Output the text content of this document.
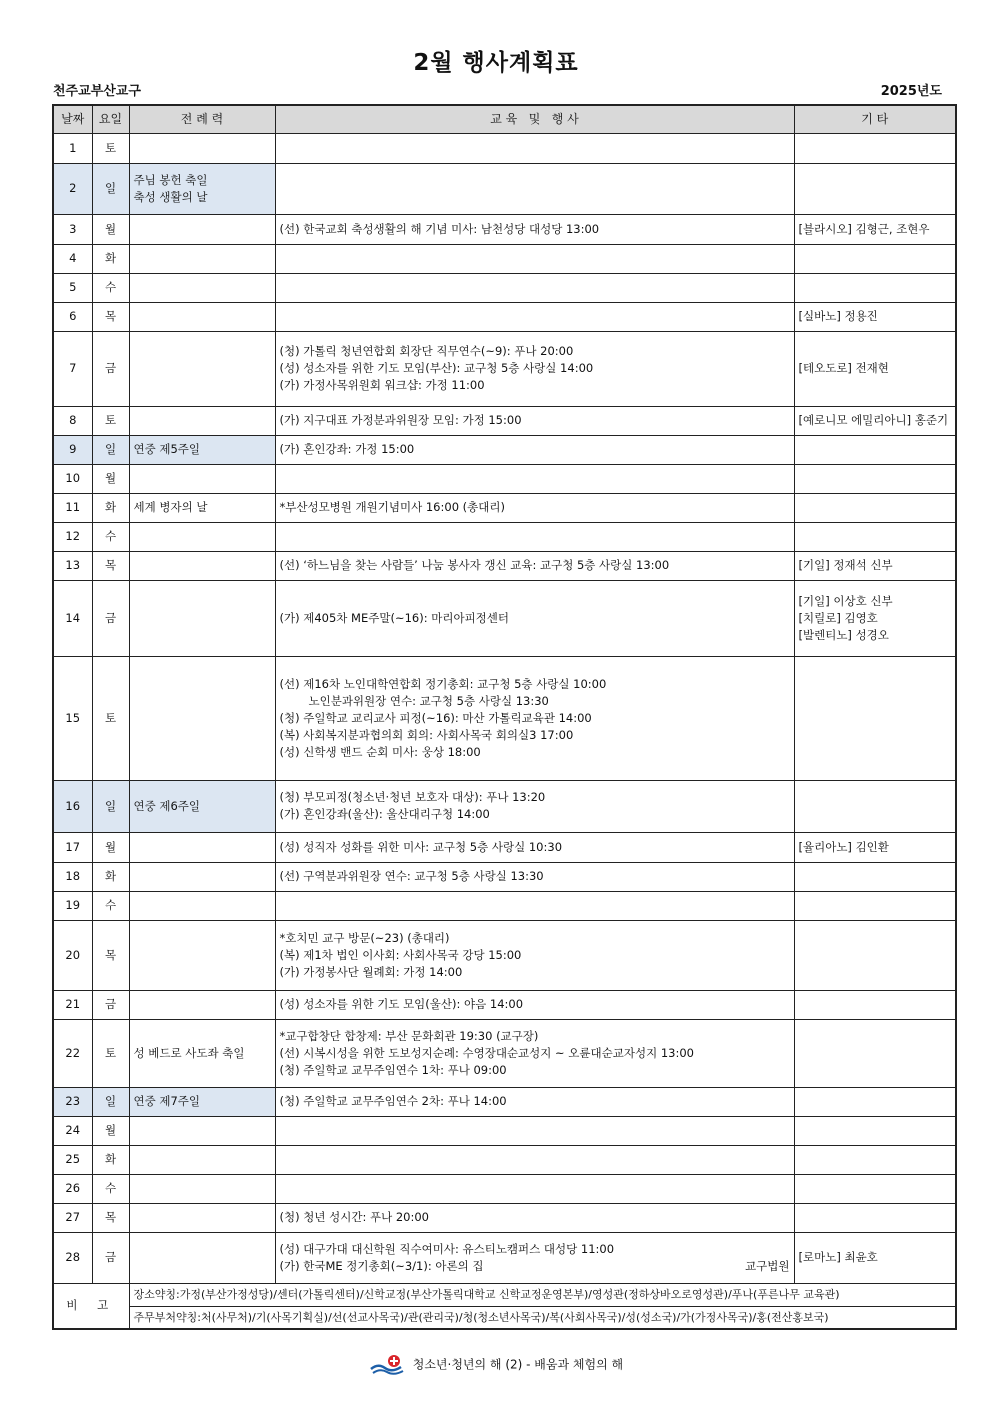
2월 행사계획표
천주교부산교구	2025년도
날짜	요일	전 례 력	교 육   및   행 사	기 타
1	토			
2	일	주님 봉헌 축일
축성 생활의 날		
3	월		(선) 한국교회 축성생활의 해 기념 미사: 남천성당 대성당 13:00	[블라시오] 김형근, 조현우

4	화			
5	수			
6	목			[실바노] 정용진

7	금		(청) 가톨릭 청년연합회 회장단 직무연수(~9): 푸나 20:00
(성) 성소자를 위한 기도 모임(부산): 교구청 5층 사랑실 14:00
(가) 가정사목위원회 워크샵: 가정 11:00	[테오도로] 전재현

8	토		(가) 지구대표 가정분과위원장 모임: 가정 15:00	[예로니모 에밀리아니] 홍준기

9	일	연중 제5주일	(가) 혼인강좌: 가정 15:00	

10	월			
11	화	세계 병자의 날	*부산성모병원 개원기념미사 16:00 (총대리)	

12	수			
13	목		(선) ‘하느님을 찾는 사람들’ 나눔 봉사자 갱신 교육: 교구청 5층 사랑실 13:00	[기일] 정재석 신부

14	금		(가) 제405차 ME주말(~16): 마리아피정센터	[기일] 이상호 신부
[치릴로] 김영호
[발렌티노] 성경오

15	토		(선) 제16차 노인대학연합회 정기총회: 교구청 5층 사랑실 10:00
노인분과위원장 연수: 교구청 5층 사랑실 13:30
(청) 주일학교 교리교사 피정(~16): 마산 가톨릭교육관 14:00
(복) 사회복지분과협의회 회의: 사회사목국 회의실3 17:00
(성) 신학생 밴드 순회 미사: 웅상 18:00	

16	일	연중 제6주일	(청) 부모피정(청소년·청년 보호자 대상): 푸나 13:20
(가) 혼인강좌(울산): 울산대리구청 14:00	

17	월		(성) 성직자 성화를 위한 미사: 교구청 5층 사랑실 10:30	[율리아노] 김인환

18	화		(선) 구역분과위원장 연수: 교구청 5층 사랑실 13:30	

19	수			
20	목		*호치민 교구 방문(~23) (총대리)
(복) 제1차 법인 이사회: 사회사목국 강당 15:00
(가) 가정봉사단 월례회: 가정 14:00	

21	금		(성) 성소자를 위한 기도 모임(울산): 야음 14:00	

22	토	성 베드로 사도좌 축일	*교구합창단 합창제: 부산 문화회관 19:30 (교구장)
(선) 시복시성을 위한 도보성지순례: 수영장대순교성지 ~ 오륜대순교자성지 13:00
(청) 주일학교 교무주임연수 1차: 푸나 09:00	

23	일	연중 제7주일	(청) 주일학교 교무주임연수 2차: 푸나 14:00	

24	월			
25	화			
26	수			
27	목		(청) 청년 성시간: 푸나 20:00	

28	금		(성) 대구가대 대신학원 직수여미사: 유스티노캠퍼스 대성당 11:00
(가) 한국ME 정기총회(~3/1): 아론의 집 교구법원	[로마노] 최윤호

비 고		장소약칭:가정(부산가정성당)/센터(가톨릭센터)/신학교정(부산가톨릭대학교 신학교정운영본부)/영성관(정하상바오로영성관)/푸나(푸른나무 교육관)		
		주무부처약칭:처(사무처)/기(사목기획실)/선(선교사목국)/관(관리국)/청(청소년사목국)/복(사회사목국)/성(성소국)/가(가정사목국)/홍(전산홍보국)		
청소년·청년의 해 (2) - 배움과 체험의 해
